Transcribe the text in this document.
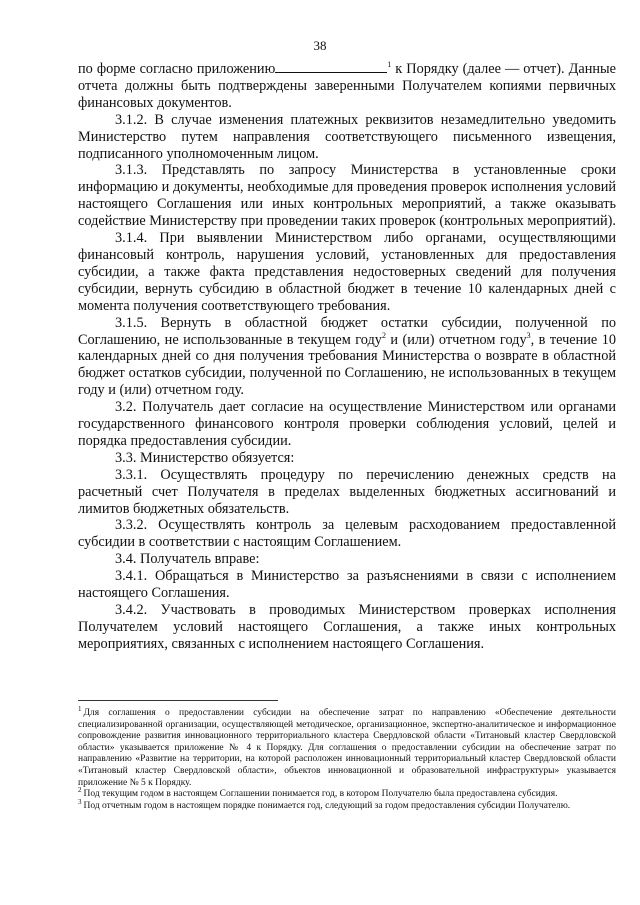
38

по форме согласно приложению	$^1$ к Порядку (далее — отчет). Данные отчета должны быть подтверждены заверенными Получателем копиями первичных финансовых документов.

3.1.2. В случае изменения платежных реквизитов незамедлительно уведомить Министерство путем направления соответствующего письменного извещения, подписанного уполномоченным лицом.

3.1.3. Представлять по запросу Министерства в установленные сроки информацию и документы, необходимые для проведения проверок исполнения условий настоящего Соглашения или иных контрольных мероприятий, а также оказывать содействие Министерству при проведении таких проверок (контрольных мероприятий).

3.1.4. При выявлении Министерством либо органами, осуществляющими финансовый контроль, нарушения условий, установленных для предоставления субсидии, а также факта представления недостоверных сведений для получения субсидии, вернуть субсидию в областной бюджет в течение 10 календарных дней с момента получения соответствующего требования.

3.1.5. Вернуть в областной бюджет остатки субсидии, полученной по Соглашению, не использованные в текущем году$^2$ и (или) отчетном году$^3$, в течение 10 календарных дней со дня получения требования Министерства о возврате в областной бюджет остатков субсидии, полученной по Соглашению, не использованных в текущем году и (или) отчетном году.

3.2. Получатель дает согласие на осуществление Министерством или органами государственного финансового контроля проверки соблюдения условий, целей и порядка предоставления субсидии.

3.3. Министерство обязуется:

3.3.1. Осуществлять процедуру по перечислению денежных средств на расчетный счет Получателя в пределах выделенных бюджетных ассигнований и лимитов бюджетных обязательств.

3.3.2. Осуществлять контроль за целевым расходованием предоставленной субсидии в соответствии с настоящим Соглашением.

3.4. Получатель вправе:

3.4.1. Обращаться в Министерство за разъяснениями в связи с исполнением настоящего Соглашения.

3.4.2. Участвовать в проводимых Министерством проверках исполнения Получателем условий настоящего Соглашения, а также иных контрольных мероприятиях, связанных с исполнением настоящего Соглашения.

$^1$ Для соглашения о предоставлении субсидии на обеспечение затрат по направлению «Обеспечение деятельности специализированной организации, осуществляющей методическое, организационное, экспертно-аналитическое и информационное сопровождение развития инновационного территориального кластера Свердловской области «Титановый кластер Свердловской области» указывается приложение № 4 к Порядку. Для соглашения о предоставлении субсидии на обеспечение затрат по направлению «Развитие на территории, на которой расположен инновационный территориальный кластер Свердловской области «Титановый кластер Свердловской области», объектов инновационной и образовательной инфраструктуры» указывается приложение № 5 к Порядку.

$^2$ Под текущим годом в настоящем Соглашении понимается год, в котором Получателю была предоставлена субсидия.

$^3$ Под отчетным годом в настоящем порядке понимается год, следующий за годом предоставления субсидии Получателю.
